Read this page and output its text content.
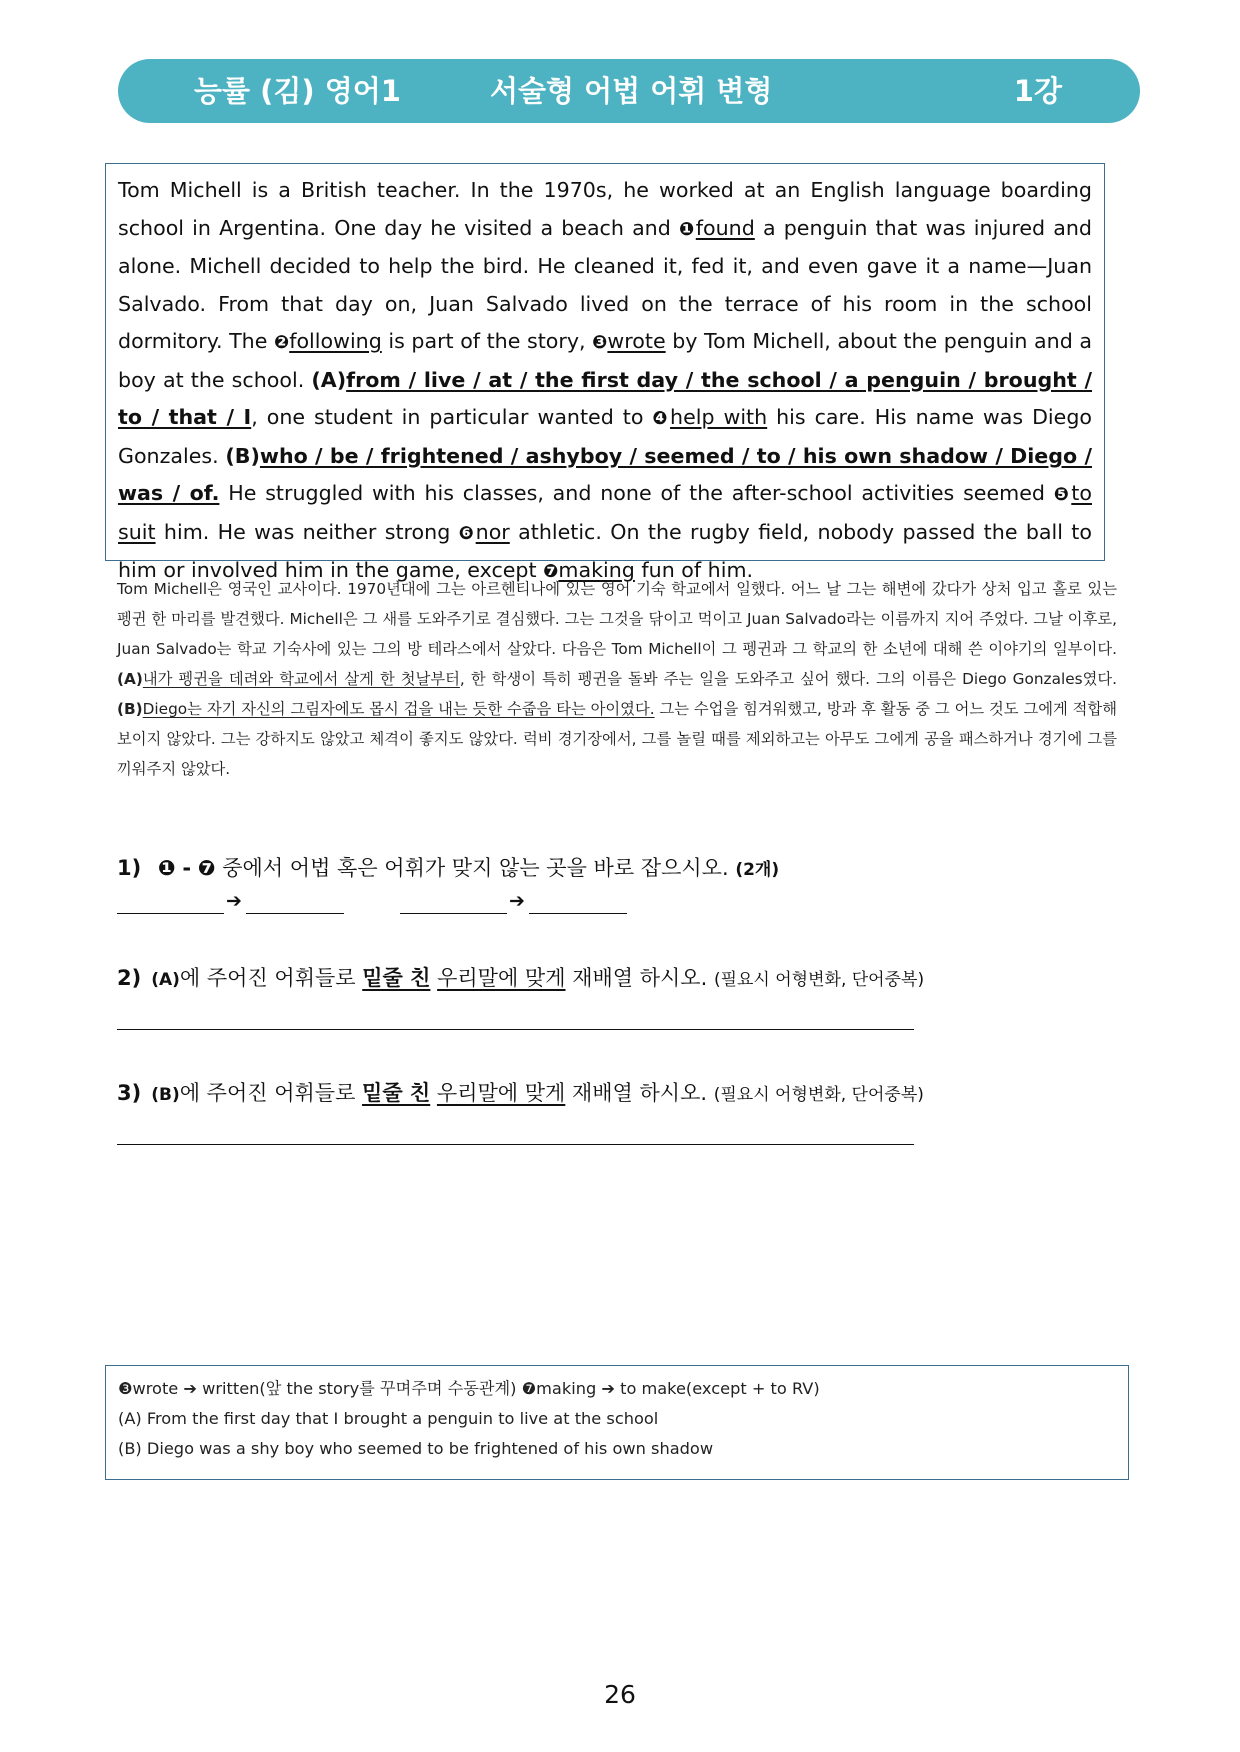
능률 (김) 영어1	서술형 어법 어휘 변형	1강

Tom Michell is a British teacher. In the 1970s, he worked at an English language boarding school in Argentina. One day he visited a beach and ❶found a penguin that was injured and alone. Michell decided to help the bird. He cleaned it, fed it, and even gave it a name—Juan Salvado. From that day on, Juan Salvado lived on the terrace of his room in the school dormitory. The ❷following is part of the story, ❸wrote by Tom Michell, about the penguin and a boy at the school. (A)from / live / at / the first day / the school / a penguin / brought / to / that / I, one student in particular wanted to ❹help with his care. His name was Diego Gonzales. (B)who / be / frightened / ashyboy / seemed / to / his own shadow / Diego / was / of. He struggled with his classes, and none of the after-school activities seemed ❺to suit him. He was neither strong ❻nor athletic. On the rugby field, nobody passed the ball to him or involved him in the game, except ❼making fun of him.

Tom Michell은 영국인 교사이다. 1970년대에 그는 아르헨티나에 있는 영어 기숙 학교에서 일했다. 어느 날 그는 해변에 갔다가 상처 입고 홀로 있는 펭귄 한 마리를 발견했다. Michell은 그 새를 도와주기로 결심했다. 그는 그것을 닦이고 먹이고 Juan Salvado라는 이름까지 지어 주었다. 그날 이후로, Juan Salvado는 학교 기숙사에 있는 그의 방 테라스에서 살았다. 다음은 Tom Michell이 그 펭귄과 그 학교의 한 소년에 대해 쓴 이야기의 일부이다. (A)내가 펭귄을 데려와 학교에서 살게 한 첫날부터, 한 학생이 특히 펭귄을 돌봐 주는 일을 도와주고 싶어 했다. 그의 이름은 Diego Gonzales였다. (B)Diego는 자기 자신의 그림자에도 몹시 겁을 내는 듯한 수줍음 타는 아이였다. 그는 수업을 힘겨워했고, 방과 후 활동 중 그 어느 것도 그에게 적합해 보이지 않았다. 그는 강하지도 않았고 체격이 좋지도 않았다. 럭비 경기장에서, 그를 놀릴 때를 제외하고는 아무도 그에게 공을 패스하거나 경기에 그를 끼워주지 않았다.

1) ❶ - ❼ 중에서 어법 혹은 어휘가 맞지 않는 곳을 바로 잡으시오. (2개)
➔	➔
2) (A)에 주어진 어휘들로 밑줄 친 우리말에 맞게 재배열 하시오. (필요시 어형변화, 단어중복)
3) (B)에 주어진 어휘들로 밑줄 친 우리말에 맞게 재배열 하시오. (필요시 어형변화, 단어중복)
❸wrote ➔ written(앞 the story를 꾸며주며 수동관계) ❼making ➔ to make(except + to RV)
(A) From the first day that I brought a penguin to live at the school
(B) Diego was a shy boy who seemed to be frightened of his own shadow
26
